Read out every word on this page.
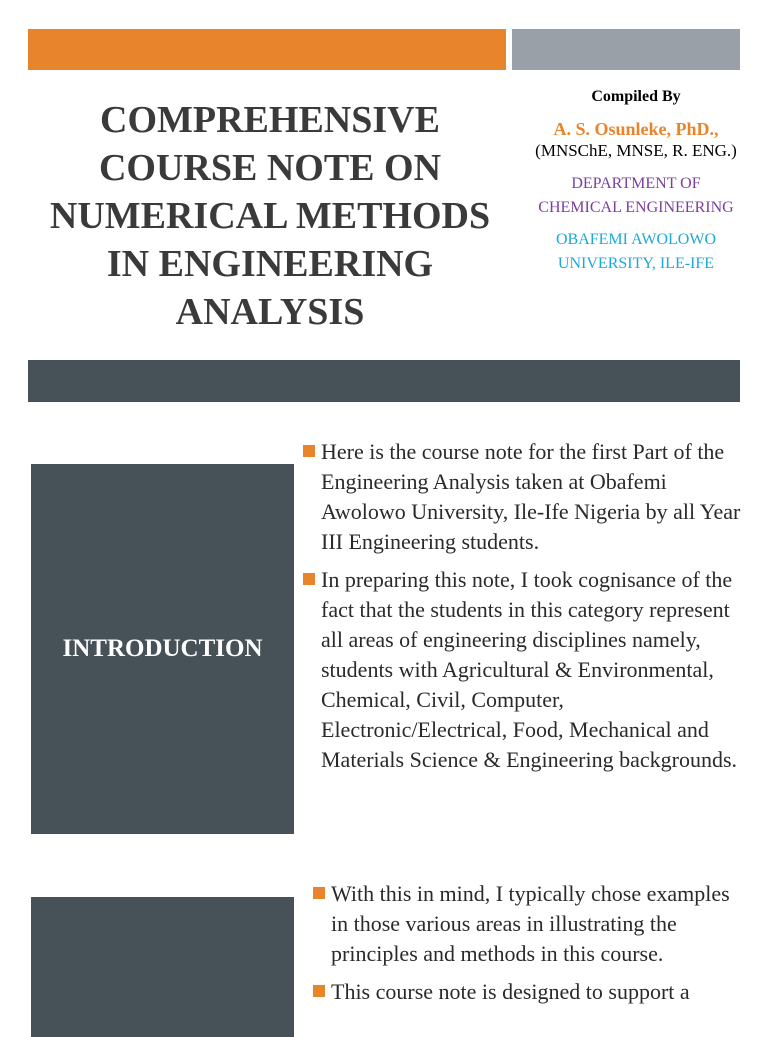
COMPREHENSIVE
COURSE NOTE ON
NUMERICAL METHODS
IN ENGINEERING
ANALYSIS
Compiled By
A. S. Osunleke, PhD.,
(MNSChE, MNSE, R. ENG.)
DEPARTMENT OF CHEMICAL ENGINEERING
OBAFEMI AWOLOWO UNIVERSITY, ILE-IFE
INTRODUCTION
Here is the course note for the first Part of the Engineering Analysis taken at Obafemi Awolowo University, Ile-Ife Nigeria by all Year III Engineering students.
In preparing this note, I took cognisance of the fact that the students in this category represent all areas of engineering disciplines namely, students with Agricultural & Environmental, Chemical, Civil, Computer, Electronic/Electrical, Food, Mechanical and Materials Science & Engineering backgrounds.
With this in mind, I typically chose examples in those various areas in illustrating the principles and methods in this course.
This course note is designed to support a
